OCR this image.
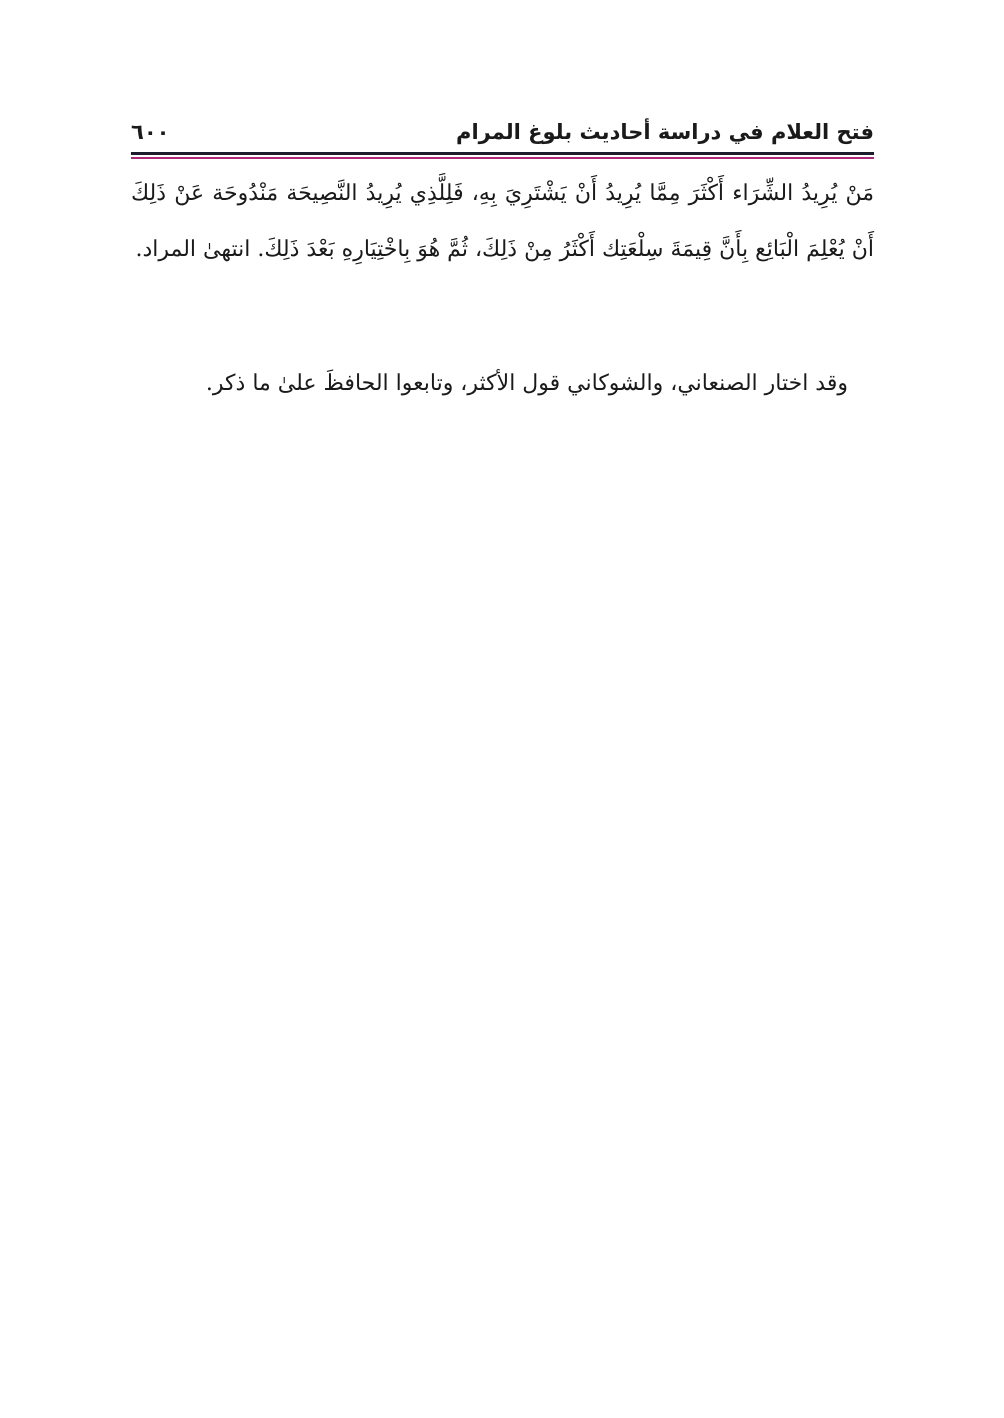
فتح العلام في دراسة أحاديث بلوغ المرام
٦٠٠

مَنْ يُرِيدُ الشِّرَاء أَكْثَرَ مِمَّا يُرِيدُ أَنْ يَشْتَرِيَ بِهِ، فَلِلَّذِي يُرِيدُ النَّصِيحَة مَنْدُوحَة عَنْ ذَلِكَ أَنْ يُعْلِمَ الْبَائِع بِأَنَّ قِيمَةَ سِلْعَتِك أَكْثَرُ مِنْ ذَلِكَ، ثُمَّ هُوَ بِاخْتِيَارِهِ بَعْدَ ذَلِكَ. انتهىٰ المراد.

وقد اختار الصنعاني، والشوكاني قول الأكثر، وتابعوا الحافظَ علىٰ ما ذكر.
